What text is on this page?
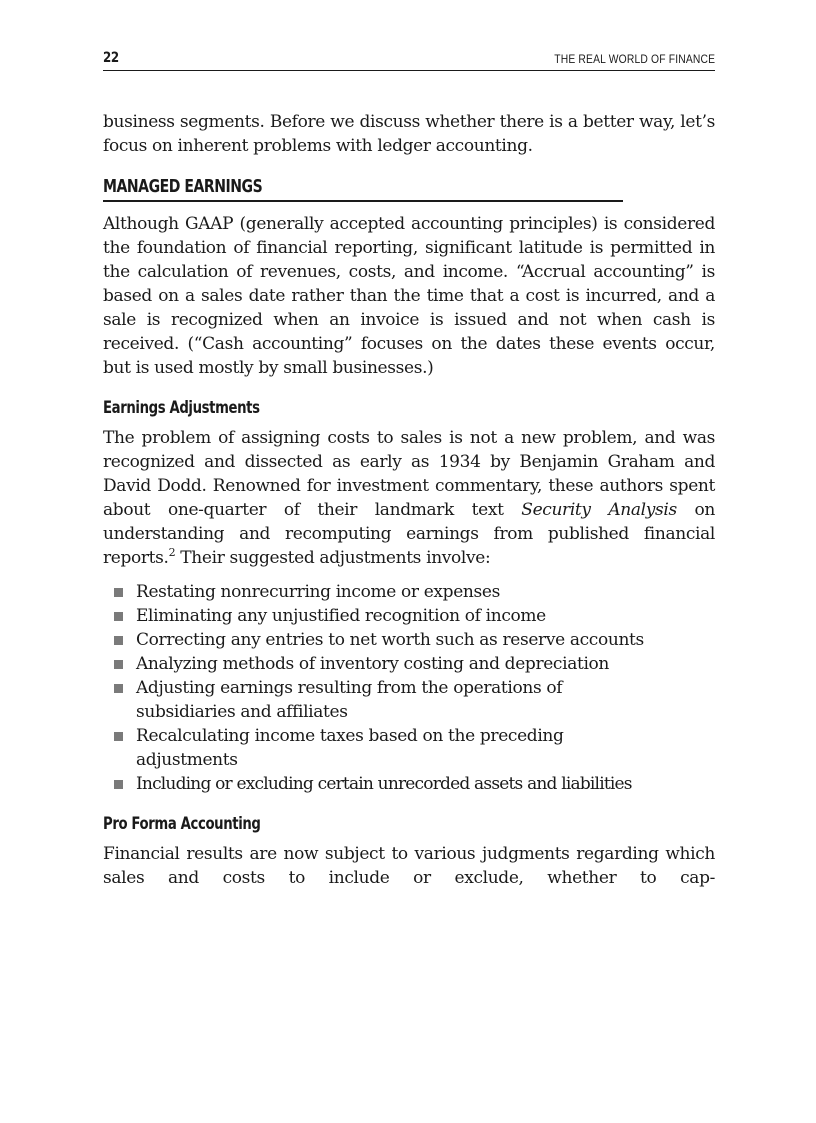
22	THE REAL WORLD OF FINANCE

business segments. Before we discuss whether there is a better way, let’s focus on inherent problems with ledger accounting.

MANAGED EARNINGS

Although GAAP (generally accepted accounting principles) is considered the foundation of financial reporting, significant latitude is permitted in the calculation of revenues, costs, and income. “Accrual accounting” is based on a sales date rather than the time that a cost is incurred, and a sale is recognized when an invoice is issued and not when cash is received. (“Cash accounting” focuses on the dates these events occur, but is used mostly by small businesses.)

Earnings Adjustments

The problem of assigning costs to sales is not a new problem, and was recognized and dissected as early as 1934 by Benjamin Graham and David Dodd. Renowned for investment commentary, these authors spent about one-quarter of their landmark text Security Analysis on understanding and recomputing earnings from published financial reports.$^2$ Their suggested adjustments involve:

Restating nonrecurring income or expenses
Eliminating any unjustified recognition of income
Correcting any entries to net worth such as reserve accounts
Analyzing methods of inventory costing and depreciation
Adjusting earnings resulting from the operations of subsidiaries and affiliates
Recalculating income taxes based on the preceding adjustments
Including or excluding certain unrecorded assets and liabilities
Pro Forma Accounting

Financial results are now subject to various judgments regarding which sales and costs to include or exclude, whether to cap-
